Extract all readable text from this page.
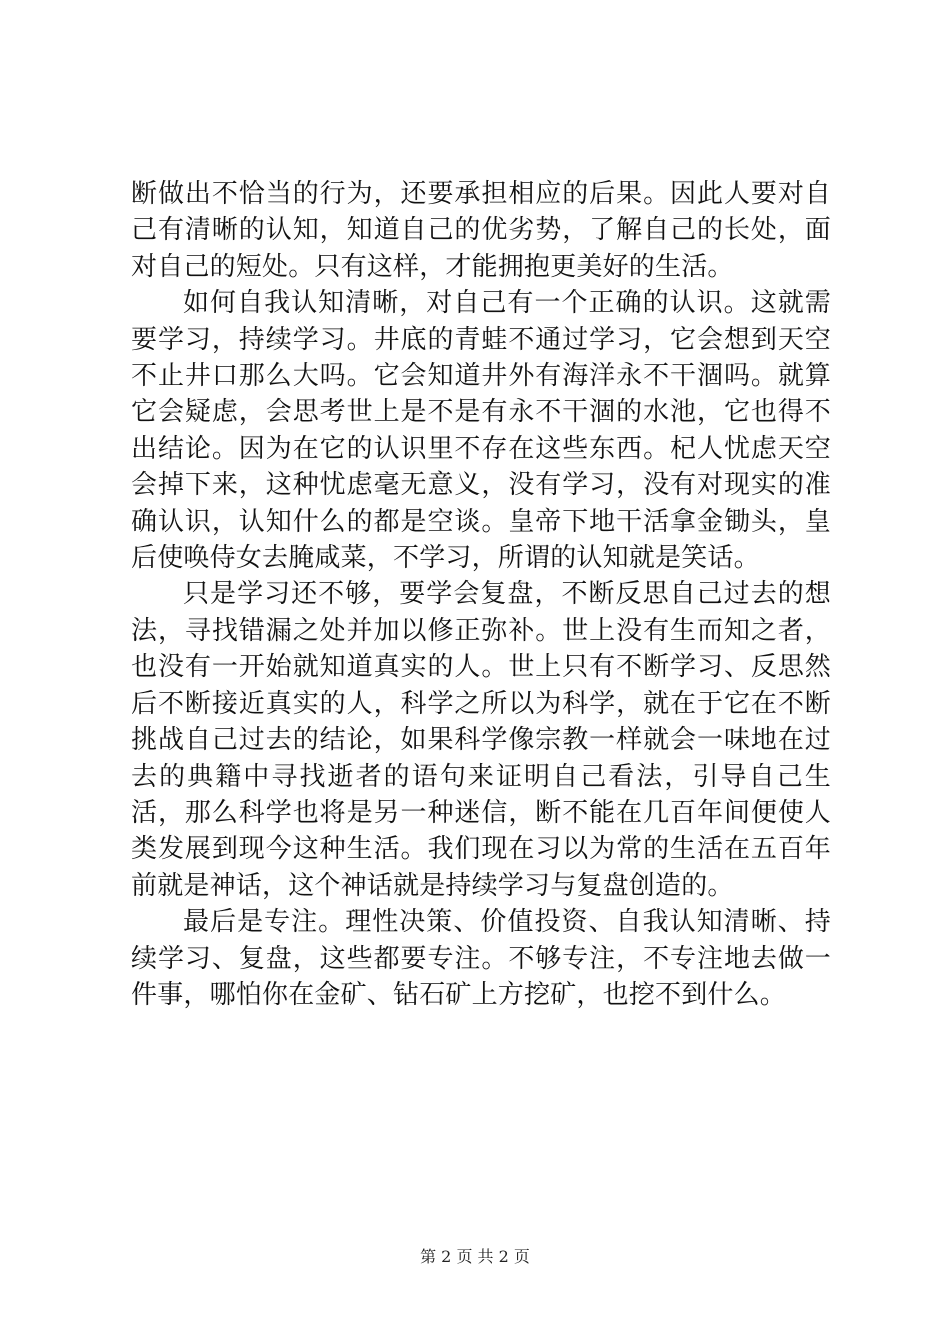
断做出不恰当的行为，还要承担相应的后果。因此人要对自己有清晰的认知，知道自己的优劣势，了解自己的长处，面对自己的短处。只有这样，才能拥抱更美好的生活。

如何自我认知清晰，对自己有一个正确的认识。这就需要学习，持续学习。井底的青蛙不通过学习，它会想到天空不止井口那么大吗。它会知道井外有海洋永不干涸吗。就算它会疑虑，会思考世上是不是有永不干涸的水池，它也得不出结论。因为在它的认识里不存在这些东西。杞人忧虑天空会掉下来，这种忧虑毫无意义，没有学习，没有对现实的准确认识，认知什么的都是空谈。皇帝下地干活拿金锄头，皇后使唤侍女去腌咸菜，不学习，所谓的认知就是笑话。

只是学习还不够，要学会复盘，不断反思自己过去的想法，寻找错漏之处并加以修正弥补。世上没有生而知之者，也没有一开始就知道真实的人。世上只有不断学习、反思然后不断接近真实的人，科学之所以为科学，就在于它在不断挑战自己过去的结论，如果科学像宗教一样就会一味地在过去的典籍中寻找逝者的语句来证明自己看法，引导自己生活，那么科学也将是另一种迷信，断不能在几百年间便使人类发展到现今这种生活。我们现在习以为常的生活在五百年前就是神话，这个神话就是持续学习与复盘创造的。

最后是专注。理性决策、价值投资、自我认知清晰、持续学习、复盘，这些都要专注。不够专注，不专注地去做一件事，哪怕你在金矿、钻石矿上方挖矿，也挖不到什么。

第 2 页 共 2 页
